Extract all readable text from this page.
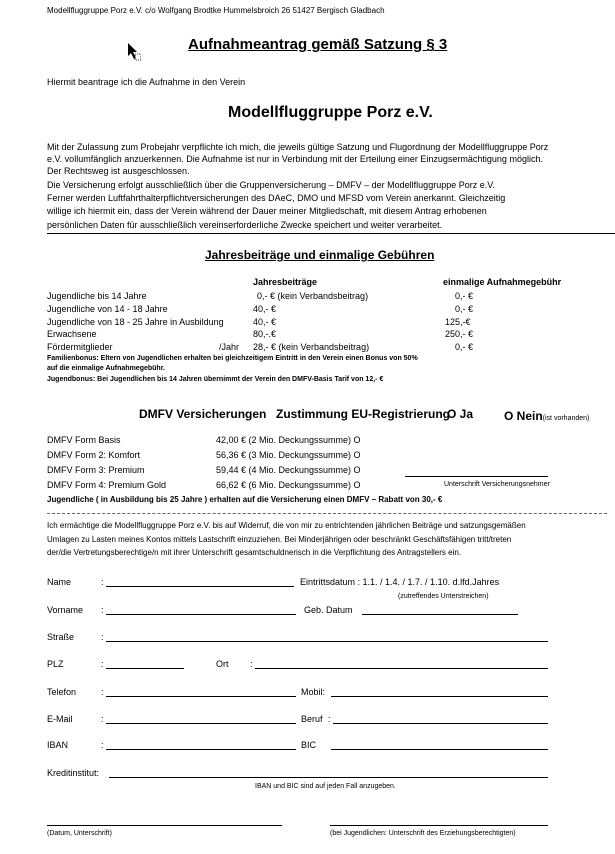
Modellfluggruppe Porz e.V. c/o Wolfgang Brodtke Hummelsbroich 26 51427 Bergisch Gladbach
Aufnahmeantrag gemäß Satzung § 3
Hiermit beantrage ich die Aufnahme in den Verein
Modellfluggruppe Porz e.V.
Mit der Zulassung zum Probejahr verpflichte ich mich, die jeweils gültige Satzung und Flugordnung der Modellfluggruppe Porz
e.V. vollumfänglich anzuerkennen. Die Aufnahme ist nur in Verbindung mit der Erteilung einer Einzugsermächtigung möglich.
Der Rechtsweg ist ausgeschlossen.
Die Versicherung erfolgt ausschließlich über die Gruppenversicherung – DMFV – der Modellfluggruppe Porz e.V.
Ferner werden Luftfahrthalterpflichtversicherungen des DAeC, DMO und MFSD vom Verein anerkannt. Gleichzeitig
willige ich hiermit ein, dass der Verein während der Dauer meiner Mitgliedschaft, mit diesem Antrag erhobenen
persönlichen Daten für ausschließlich vereinserforderliche Zwecke speichert und weiter verarbeitet.
Jahresbeiträge und einmalige Gebühren
Jahresbeiträge	einmalige Aufnahmegebühr
Jugendliche bis 14 Jahre	0,- € (kein Verbandsbeitrag)	0,- €
Jugendliche von 14 - 18 Jahre	40,- €	0,- €
Jugendliche von 18 - 25 Jahre in Ausbildung	40,- €	125,-€
Erwachsene	80,-.€	250,- €
Fördermitglieder	/Jahr 28,- € (kein Verbandsbeitrag)	0,- €
Familienbonus: Eltern von Jugendlichen erhalten bei gleichzeitigem Eintritt in den Verein einen Bonus von 50%
auf die einmalige Aufnahmegebühr.
Jugendbonus: Bei Jugendlichen bis 14 Jahren übernimmt der Verein den DMFV-Basis Tarif von 12,- €
DMFV Versicherungen Zustimmung EU-Registrierung
O Ja	O Nein(ist vorhanden)
DMFV Form Basis	42,00 € (2 Mio. Deckungssumme) O
DMFV Form 2: Komfort	56,36 € (3 Mio. Deckungssumme) O
DMFV Form 3: Premium	59,44 € (4 Mio. Deckungssumme) O
DMFV Form 4: Premium Gold	66,62 € (6 Mio. Deckungssumme) O	Unterschrift Versicherungsnehmer
Jugendliche ( in Ausbildung bis 25 Jahre ) erhalten auf die Versicherung einen DMFV – Rabatt von 30,- €
Ich ermächtige die Modellfluggruppe Porz e.V. bis auf Widerruf, die von mir zu entrichtenden jährlichen Beiträge und satzungsgemäßen
Umlagen zu Lasten meines Kontos mittels Lastschrift einzuziehen. Bei Minderjährigen oder beschränkt Geschäftsfähigen tritt/treten
der/die Vertretungsberechtige/n mit ihrer Unterschrift gesamtschuldnerisch in die Verpflichtung des Antragstellers ein.
Name	:	Eintrittsdatum : 1.1. / 1.4. / 1.7. / 1.10. d.lfd.Jahres
(zutreffendes Unterstreichen)
Vorname :	Geb. Datum
Straße	:
PLZ	:	Ort :
Telefon	:	Mobil:
E-Mail	:	Beruf :
IBAN	:	BIC
Kreditinstitut:
IBAN und BIC sind auf jeden Fall anzugeben.
(Datum, Unterschrift)	(bei Jugendlichen: Unterschrift des Erziehungsberechtigten)
